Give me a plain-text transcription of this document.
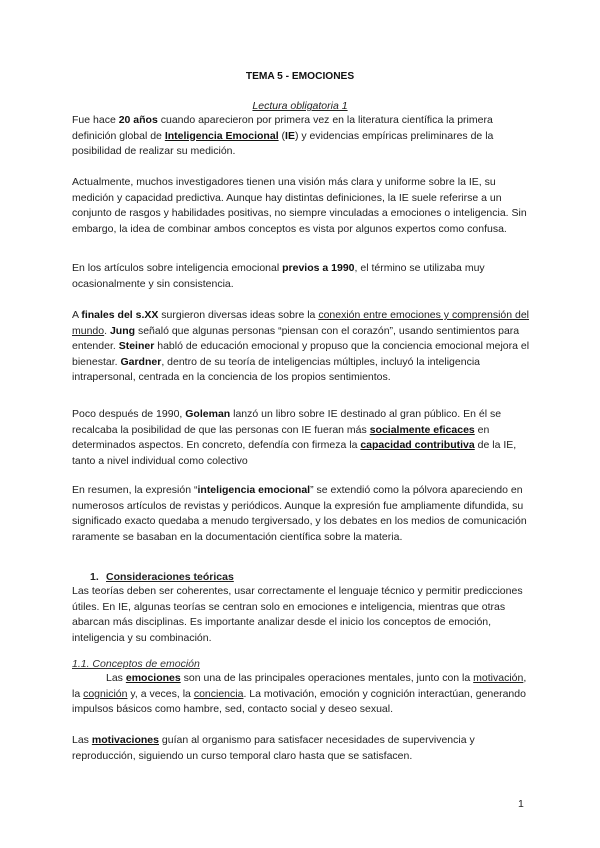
TEMA 5 - EMOCIONES
Lectura obligatoria 1
Fue hace 20 años cuando aparecieron por primera vez en la literatura científica la primera definición global de Inteligencia Emocional (IE) y evidencias empíricas preliminares de la posibilidad de realizar su medición.
Actualmente, muchos investigadores tienen una visión más clara y uniforme sobre la IE, su medición y capacidad predictiva. Aunque hay distintas definiciones, la IE suele referirse a un conjunto de rasgos y habilidades positivas, no siempre vinculadas a emociones o inteligencia. Sin embargo, la idea de combinar ambos conceptos es vista por algunos expertos como confusa.
En los artículos sobre inteligencia emocional previos a 1990, el término se utilizaba muy ocasionalmente y sin consistencia.
A finales del s.XX surgieron diversas ideas sobre la conexión entre emociones y comprensión del mundo. Jung señaló que algunas personas “piensan con el corazón”, usando sentimientos para entender. Steiner habló de educación emocional y propuso que la conciencia emocional mejora el bienestar. Gardner, dentro de su teoría de inteligencias múltiples, incluyó la inteligencia intrapersonal, centrada en la conciencia de los propios sentimientos.
Poco después de 1990, Goleman lanzó un libro sobre IE destinado al gran público. En él se recalcaba la posibilidad de que las personas con IE fueran más socialmente eficaces en determinados aspectos. En concreto, defendía con firmeza la capacidad contributiva de la IE, tanto a nivel individual como colectivo
En resumen, la expresión “inteligencia emocional” se extendió como la pólvora apareciendo en numerosos artículos de revistas y periódicos. Aunque la expresión fue ampliamente difundida, su significado exacto quedaba a menudo tergiversado, y los debates en los medios de comunicación raramente se basaban en la documentación científica sobre la materia.
1. Consideraciones teóricas
Las teorías deben ser coherentes, usar correctamente el lenguaje técnico y permitir predicciones útiles. En IE, algunas teorías se centran solo en emociones e inteligencia, mientras que otras abarcan más disciplinas. Es importante analizar desde el inicio los conceptos de emoción, inteligencia y su combinación.
1.1. Conceptos de emoción
Las emociones son una de las principales operaciones mentales, junto con la motivación, la cognición y, a veces, la conciencia. La motivación, emoción y cognición interactúan, generando impulsos básicos como hambre, sed, contacto social y deseo sexual.
Las motivaciones guían al organismo para satisfacer necesidades de supervivencia y reproducción, siguiendo un curso temporal claro hasta que se satisfacen.
1
